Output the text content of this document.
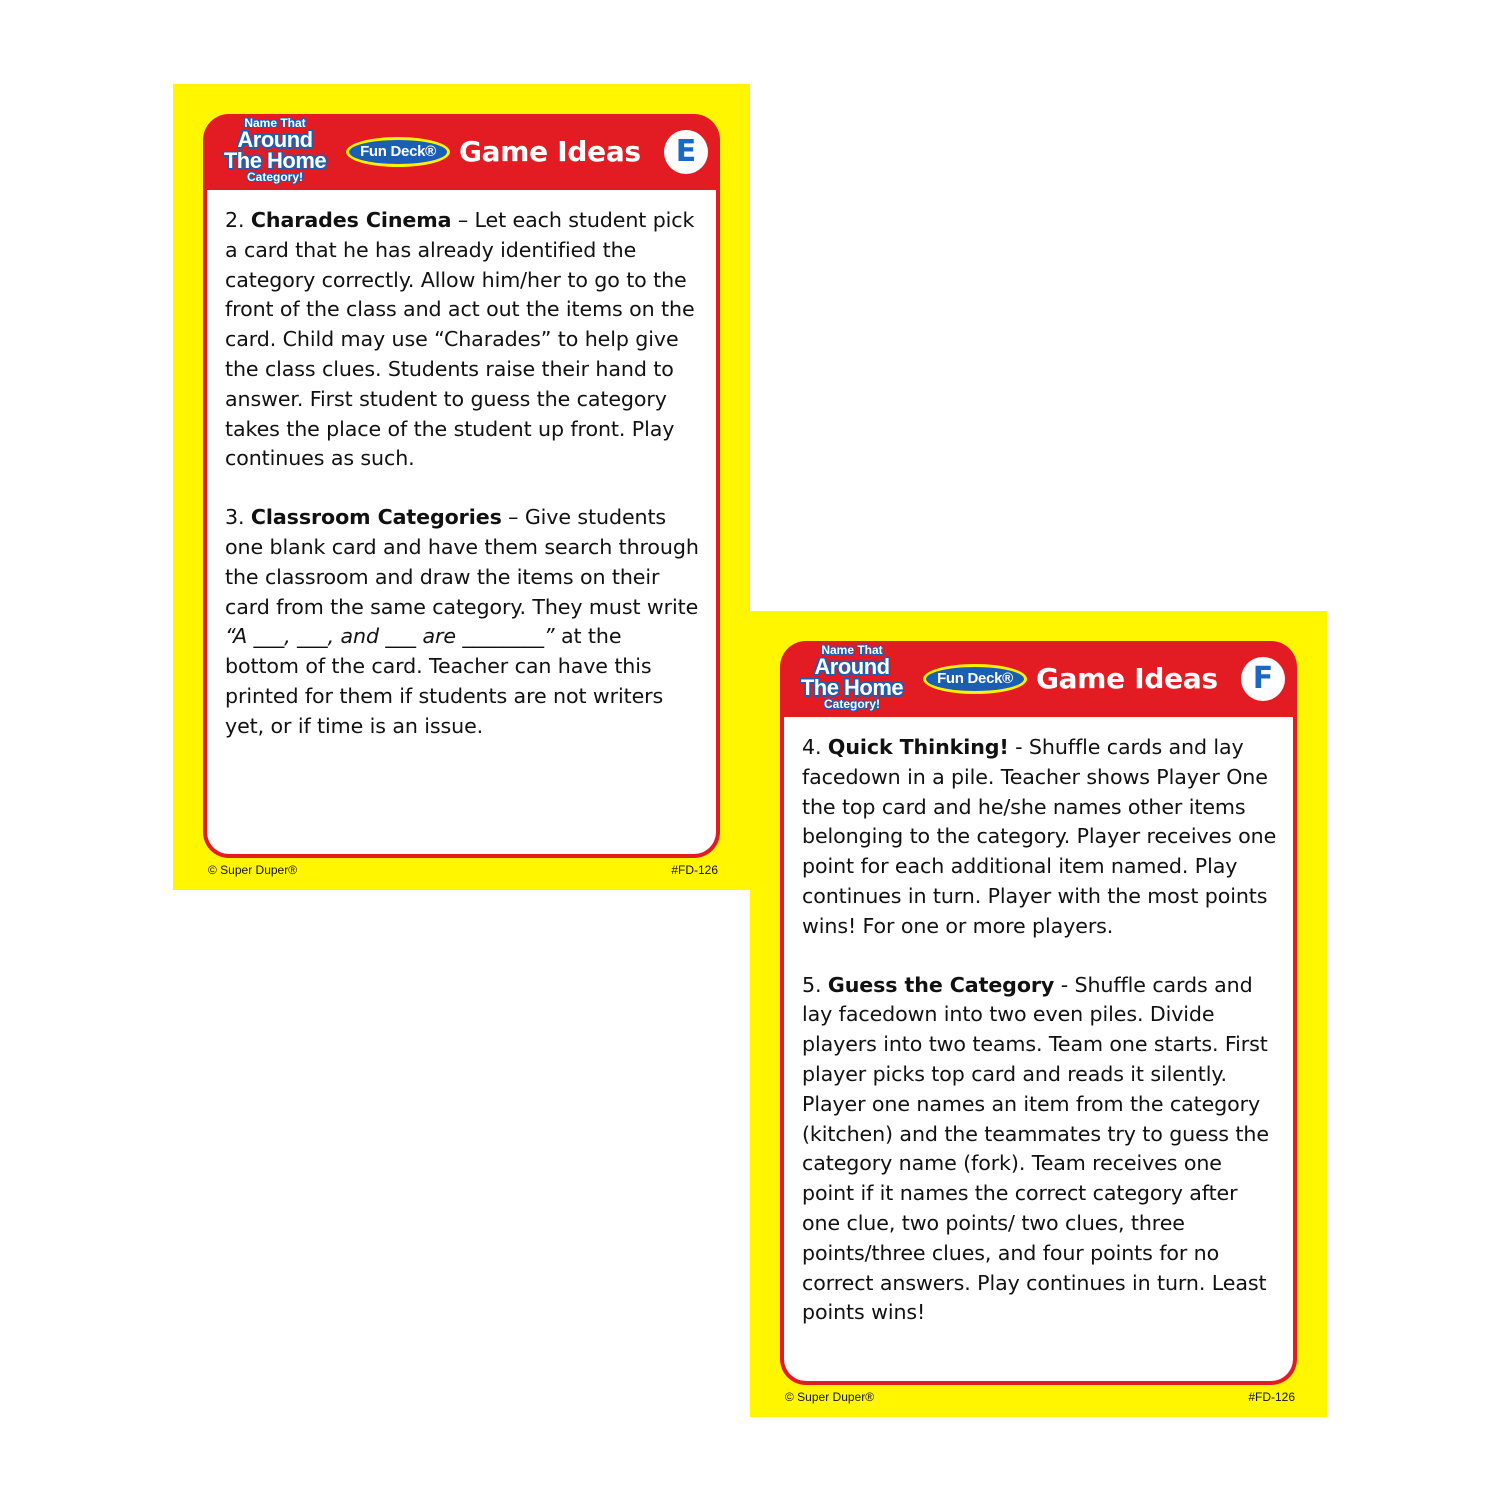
Name That
Around
The Home
Category!
Fun Deck® Game Ideas	E

2. Charades Cinema – Let each student pick a card that he has already identified the category correctly. Allow him/her to go to the front of the class and act out the items on the card. Child may use “Charades” to help give the class clues. Students raise their hand to answer. First student to guess the category takes the place of the student up front. Play continues as such.

3. Classroom Categories – Give students one blank card and have them search through the classroom and draw the items on their card from the same category. They must write “A ___, ___, and ___ are ________” at the bottom of the card. Teacher can have this printed for them if students are not writers yet, or if time is an issue.

© Super Duper®	#FD-126
Name That
Around
The Home
Category!
Fun Deck® Game Ideas	F

4. Quick Thinking! - Shuffle cards and lay facedown in a pile. Teacher shows Player One the top card and he/she names other items belonging to the category. Player receives one point for each additional item named. Play continues in turn. Player with the most points wins! For one or more players.

5. Guess the Category - Shuffle cards and lay facedown into two even piles. Divide players into two teams. Team one starts. First player picks top card and reads it silently. Player one names an item from the category (kitchen) and the teammates try to guess the category name (fork). Team receives one point if it names the correct category after one clue, two points/ two clues, three points/three clues, and four points for no correct answers. Play continues in turn. Least points wins!

© Super Duper®	#FD-126
